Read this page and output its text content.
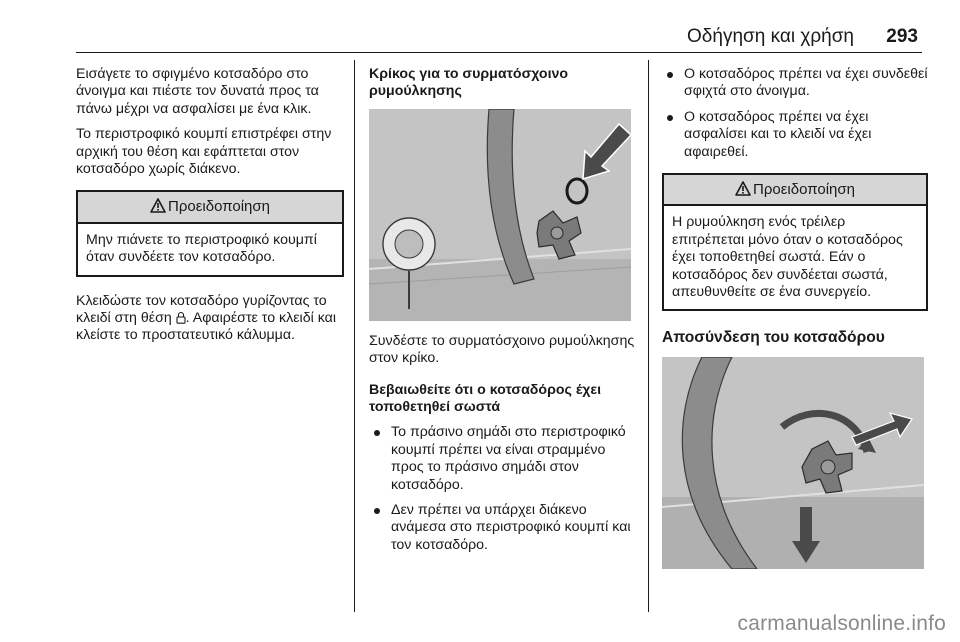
Οδήγηση και χρήση 293

Εισάγετε το σφιγμένο κοτσαδόρο στο άνοιγμα και πιέστε τον δυνατά προς τα πάνω μέχρι να ασφαλίσει με ένα κλικ.

Το περιστροφικό κουμπί επιστρέφει στην αρχική του θέση και εφάπτεται στον κοτσαδόρο χωρίς διάκενο.

Προειδοποίηση
Μην πιάνετε το περιστροφικό κουμπί όταν συνδέετε τον κοτσαδόρο.

Κλειδώστε τον κοτσαδόρο γυρίζοντας το κλειδί στη θέση . Αφαιρέστε το κλειδί και κλείστε το προστατευτικό κάλυμμα.

Κρίκος για το συρματόσχοινο ρυμούλκησης

Συνδέστε το συρματόσχοινο ρυμούλκησης στον κρίκο.

Βεβαιωθείτε ότι ο κοτσαδόρος έχει τοποθετηθεί σωστά
Το πράσινο σημάδι στο περιστροφικό κουμπί πρέπει να είναι στραμμένο προς το πράσινο σημάδι στον κοτσαδόρο.
Δεν πρέπει να υπάρχει διάκενο ανάμεσα στο περιστροφικό κουμπί και τον κοτσαδόρο.
Ο κοτσαδόρος πρέπει να έχει συνδεθεί σφιχτά στο άνοιγμα.
Ο κοτσαδόρος πρέπει να έχει ασφαλίσει και το κλειδί να έχει αφαιρεθεί.
Προειδοποίηση
Η ρυμούλκηση ενός τρέιλερ επιτρέπεται μόνο όταν ο κοτσαδόρος έχει τοποθετηθεί σωστά. Εάν ο κοτσαδόρος δεν συνδέεται σωστά, απευθυνθείτε σε ένα συνεργείο.
Αποσύνδεση του κοτσαδόρου
carmanualsonline.info
